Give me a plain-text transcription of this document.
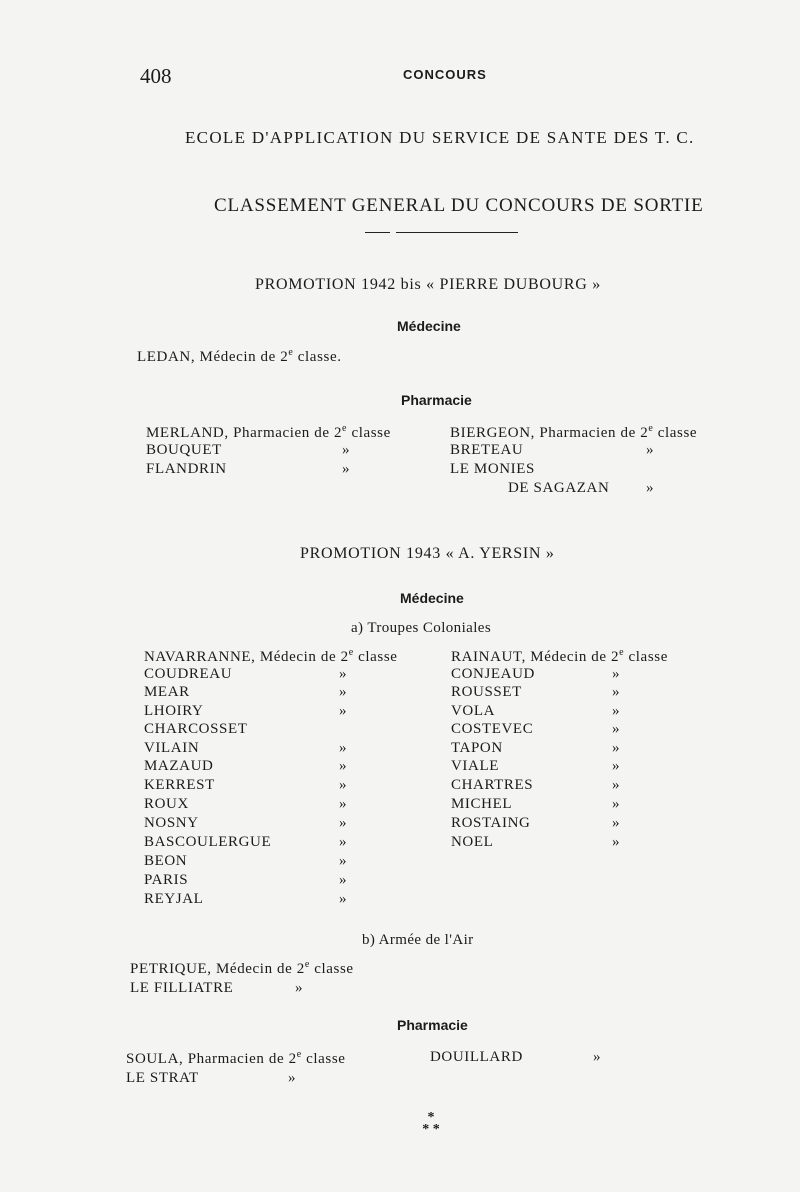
408	CONCOURS
ECOLE D'APPLICATION DU SERVICE DE SANTE DES T. C.
CLASSEMENT GENERAL DU CONCOURS DE SORTIE
PROMOTION 1942 bis « PIERRE DUBOURG »
Médecine
LEDAN, Médecin de 2e classe.
Pharmacie
MERLAND, Pharmacien de 2e classe
BOUQUET	»
FLANDRIN	»
BIERGEON, Pharmacien de 2e classe
BRETEAU	»
LE MONIES
DE SAGAZAN »
PROMOTION 1943 « A. YERSIN »
Médecine
a) Troupes Coloniales
NAVARRANNE, Médecin de 2e classe
COUDREAU	»
MEAR	»
LHOIRY	»
CHARCOSSET
VILAIN	»
MAZAUD	»
KERREST	»
ROUX	»
NOSNY	»
BASCOULERGUE	»
BEON	»
PARIS	»
REYJAL	»
RAINAUT, Médecin de 2e classe
CONJEAUD	»
ROUSSET	»
VOLA	»
COSTEVEC	»
TAPON	»
VIALE	»
CHARTRES	»
MICHEL	»
ROSTAING	»
NOEL	»
b) Armée de l'Air
PETRIQUE, Médecin de 2e classe
LE FILLIATRE	»
Pharmacie
SOULA, Pharmacien de 2e classe
LE STRAT	»
DOUILLARD	»
*
* *
